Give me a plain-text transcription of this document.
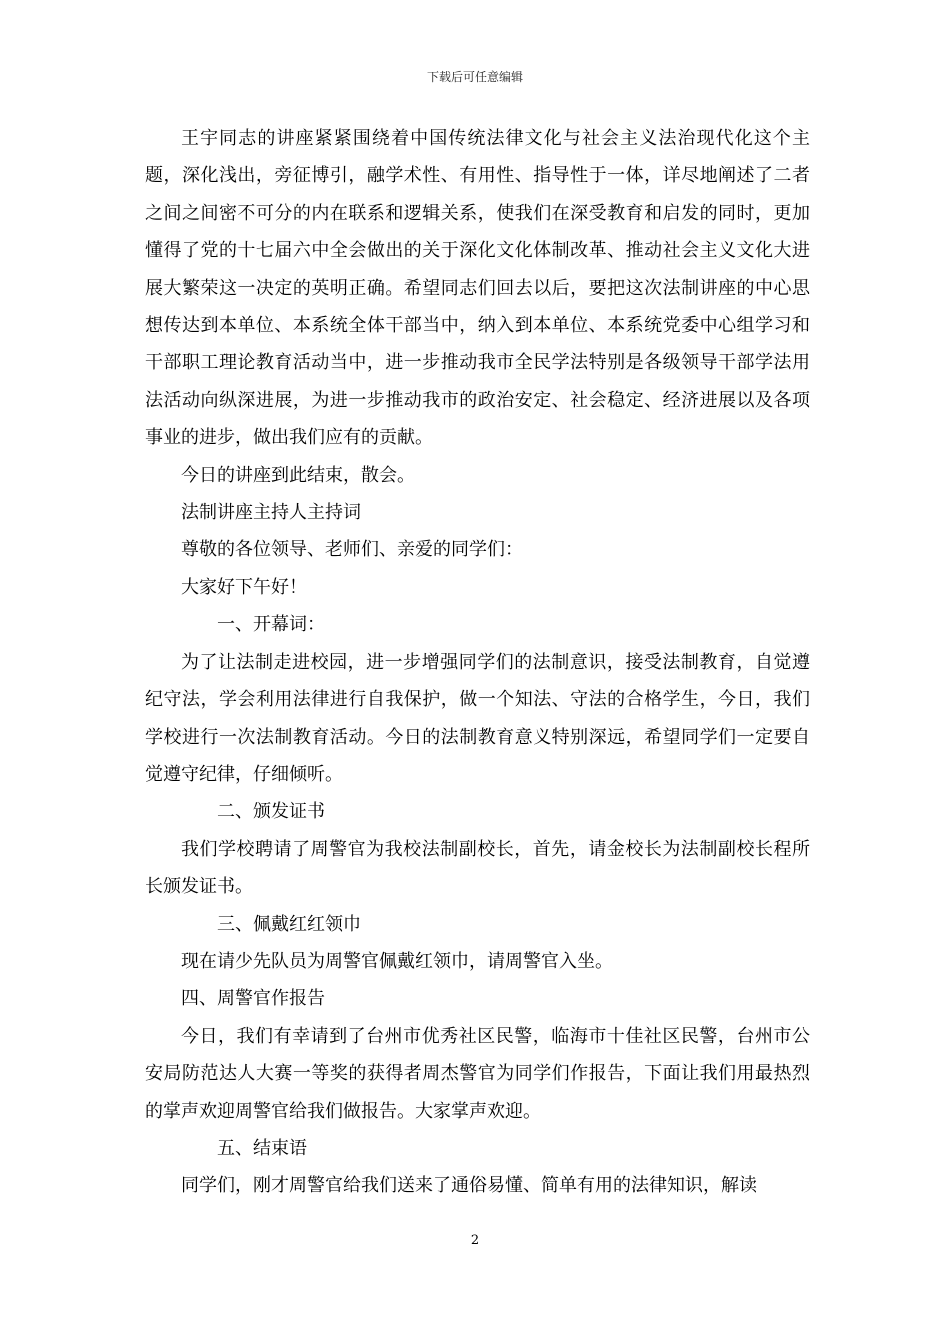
下载后可任意编辑

王宇同志的讲座紧紧围绕着中国传统法律文化与社会主义法治现代化这个主题，深化浅出，旁征博引，融学术性、有用性、指导性于一体，详尽地阐述了二者之间之间密不可分的内在联系和逻辑关系，使我们在深受教育和启发的同时，更加懂得了党的十七届六中全会做出的关于深化文化体制改革、推动社会主义文化大进展大繁荣这一决定的英明正确。希望同志们回去以后，要把这次法制讲座的中心思想传达到本单位、本系统全体干部当中，纳入到本单位、本系统党委中心组学习和干部职工理论教育活动当中，进一步推动我市全民学法特别是各级领导干部学法用法活动向纵深进展，为进一步推动我市的政治安定、社会稳定、经济进展以及各项事业的进步，做出我们应有的贡献。

今日的讲座到此结束，散会。

法制讲座主持人主持词

尊敬的各位领导、老师们、亲爱的同学们：

大家好下午好！

一、开幕词：

为了让法制走进校园，进一步增强同学们的法制意识，接受法制教育，自觉遵纪守法，学会利用法律进行自我保护，做一个知法、守法的合格学生，今日，我们学校进行一次法制教育活动。今日的法制教育意义特别深远，希望同学们一定要自觉遵守纪律，仔细倾听。

二、颁发证书

我们学校聘请了周警官为我校法制副校长，首先，请金校长为法制副校长程所长颁发证书。

三、佩戴红红领巾

现在请少先队员为周警官佩戴红领巾，请周警官入坐。

四、周警官作报告

今日，我们有幸请到了台州市优秀社区民警，临海市十佳社区民警，台州市公安局防范达人大赛一等奖的获得者周杰警官为同学们作报告，下面让我们用最热烈的掌声欢迎周警官给我们做报告。大家掌声欢迎。

五、结束语

同学们，刚才周警官给我们送来了通俗易懂、简单有用的法律知识，解读

2
